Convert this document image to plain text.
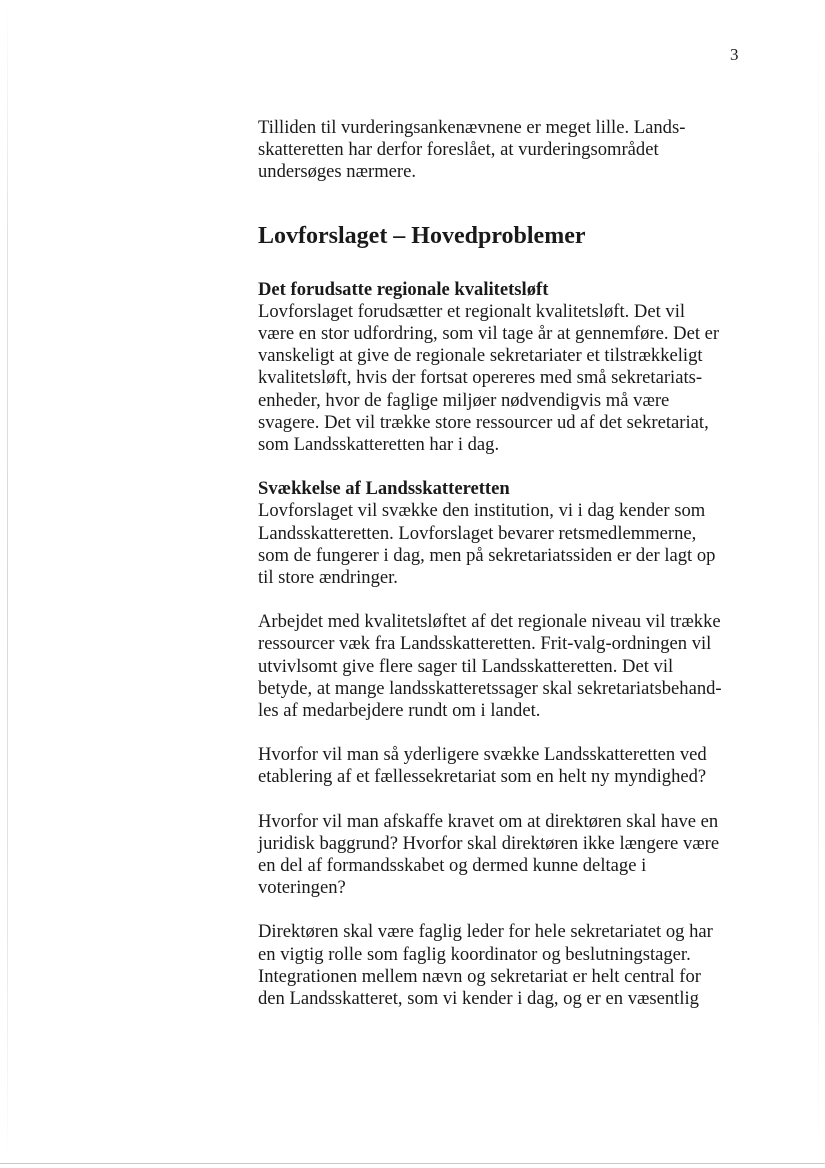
3

Tilliden til vurderingsankenævnene er meget lille. Lands-
skatteretten har derfor foreslået, at vurderingsområdet
undersøges nærmere.

Lovforslaget – Hovedproblemer

Det forudsatte regionale kvalitetsløft
Lovforslaget forudsætter et regionalt kvalitetsløft. Det vil
være en stor udfordring, som vil tage år at gennemføre. Det er
vanskeligt at give de regionale sekretariater et tilstrækkeligt
kvalitetsløft, hvis der fortsat opereres med små sekretariats-
enheder, hvor de faglige miljøer nødvendigvis må være
svagere. Det vil trække store ressourcer ud af det sekretariat,
som Landsskatteretten har i dag.

Svækkelse af Landsskatteretten
Lovforslaget vil svække den institution, vi i dag kender som
Landsskatteretten. Lovforslaget bevarer retsmedlemmerne,
som de fungerer i dag, men på sekretariatssiden er der lagt op
til store ændringer.

Arbejdet med kvalitetsløftet af det regionale niveau vil trække
ressourcer væk fra Landsskatteretten. Frit-valg-ordningen vil
utvivlsomt give flere sager til Landsskatteretten. Det vil
betyde, at mange landsskatteretssager skal sekretariatsbehand-
les af medarbejdere rundt om i landet.

Hvorfor vil man så yderligere svække Landsskatteretten ved
etablering af et fællessekretariat som en helt ny myndighed?

Hvorfor vil man afskaffe kravet om at direktøren skal have en
juridisk baggrund? Hvorfor skal direktøren ikke længere være
en del af formandsskabet og dermed kunne deltage i
voteringen?

Direktøren skal være faglig leder for hele sekretariatet og har
en vigtig rolle som faglig koordinator og beslutningstager.
Integrationen mellem nævn og sekretariat er helt central for
den Landsskatteret, som vi kender i dag, og er en væsentlig
